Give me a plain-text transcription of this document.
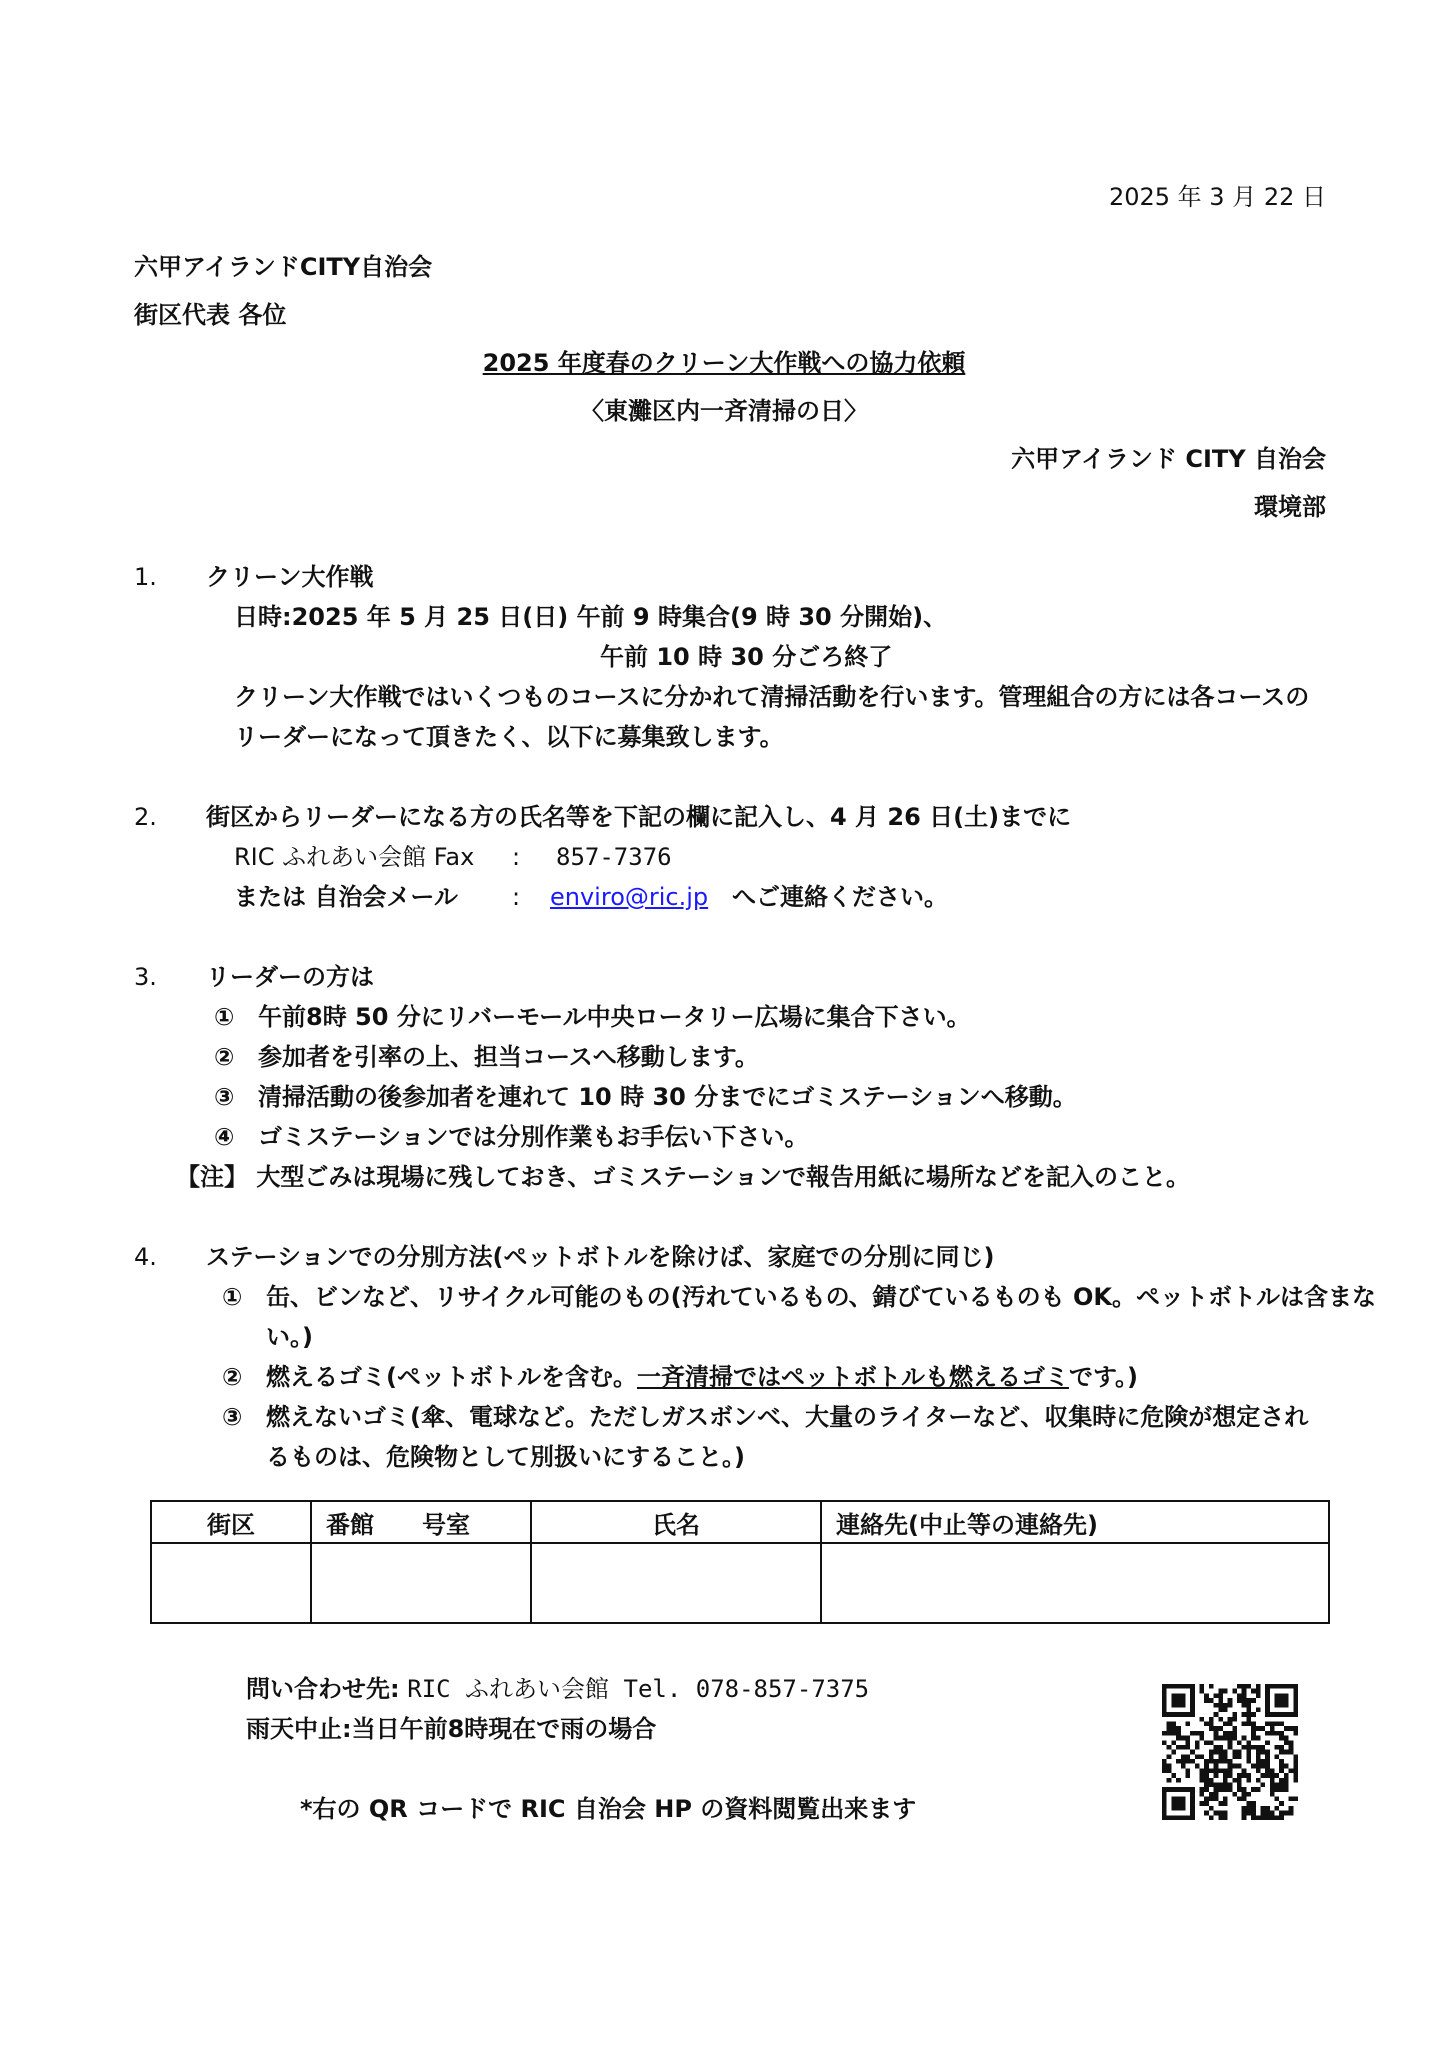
2025 年 3 月 22 日
六甲アイランドCITY自治会
街区代表 各位
2025 年度春のクリーン大作戦への協力依頼
〈東灘区内一斉清掃の日〉
六甲アイランド CITY 自治会
環境部
1. クリーン大作戦
日時:2025 年 5 月 25 日(日) 午前 9 時集合(9 時 30 分開始)、
午前 10 時 30 分ごろ終了
クリーン大作戦ではいくつものコースに分かれて清掃活動を行います。管理組合の方には各コースの
リーダーになって頂きたく、以下に募集致します。
2. 街区からリーダーになる方の氏名等を下記の欄に記入し、4 月 26 日(土)までに
RIC ふれあい会館 Fax : 857-7376
または 自治会メール : enviro@ric.jp へご連絡ください。
3. リーダーの方は
① 午前8時 50 分にリバーモール中央ロータリー広場に集合下さい。
② 参加者を引率の上、担当コースへ移動します。
③ 清掃活動の後参加者を連れて 10 時 30 分までにゴミステーションへ移動。
④ ゴミステーションでは分別作業もお手伝い下さい。
【注】 大型ごみは現場に残しておき、ゴミステーションで報告用紙に場所などを記入のこと。
4. ステーションでの分別方法(ペットボトルを除けば、家庭での分別に同じ)
① 缶、ビンなど、リサイクル可能のもの(汚れているもの、錆びているものも OK。ペットボトルは含まな
い。)
② 燃えるゴミ(ペットボトルを含む。一斉清掃ではペットボトルも燃えるゴミです。)
③ 燃えないゴミ(傘、電球など。ただしガスボンベ、大量のライターなど、収集時に危険が想定され
るものは、危険物として別扱いにすること。)
街区	番館　　号室	氏名	連絡先(中止等の連絡先)

問い合わせ先: RIC ふれあい会館 Tel. 078-857-7375
雨天中止:当日午前8時現在で雨の場合
*右の QR コードで RIC 自治会 HP の資料閲覧出来ます
